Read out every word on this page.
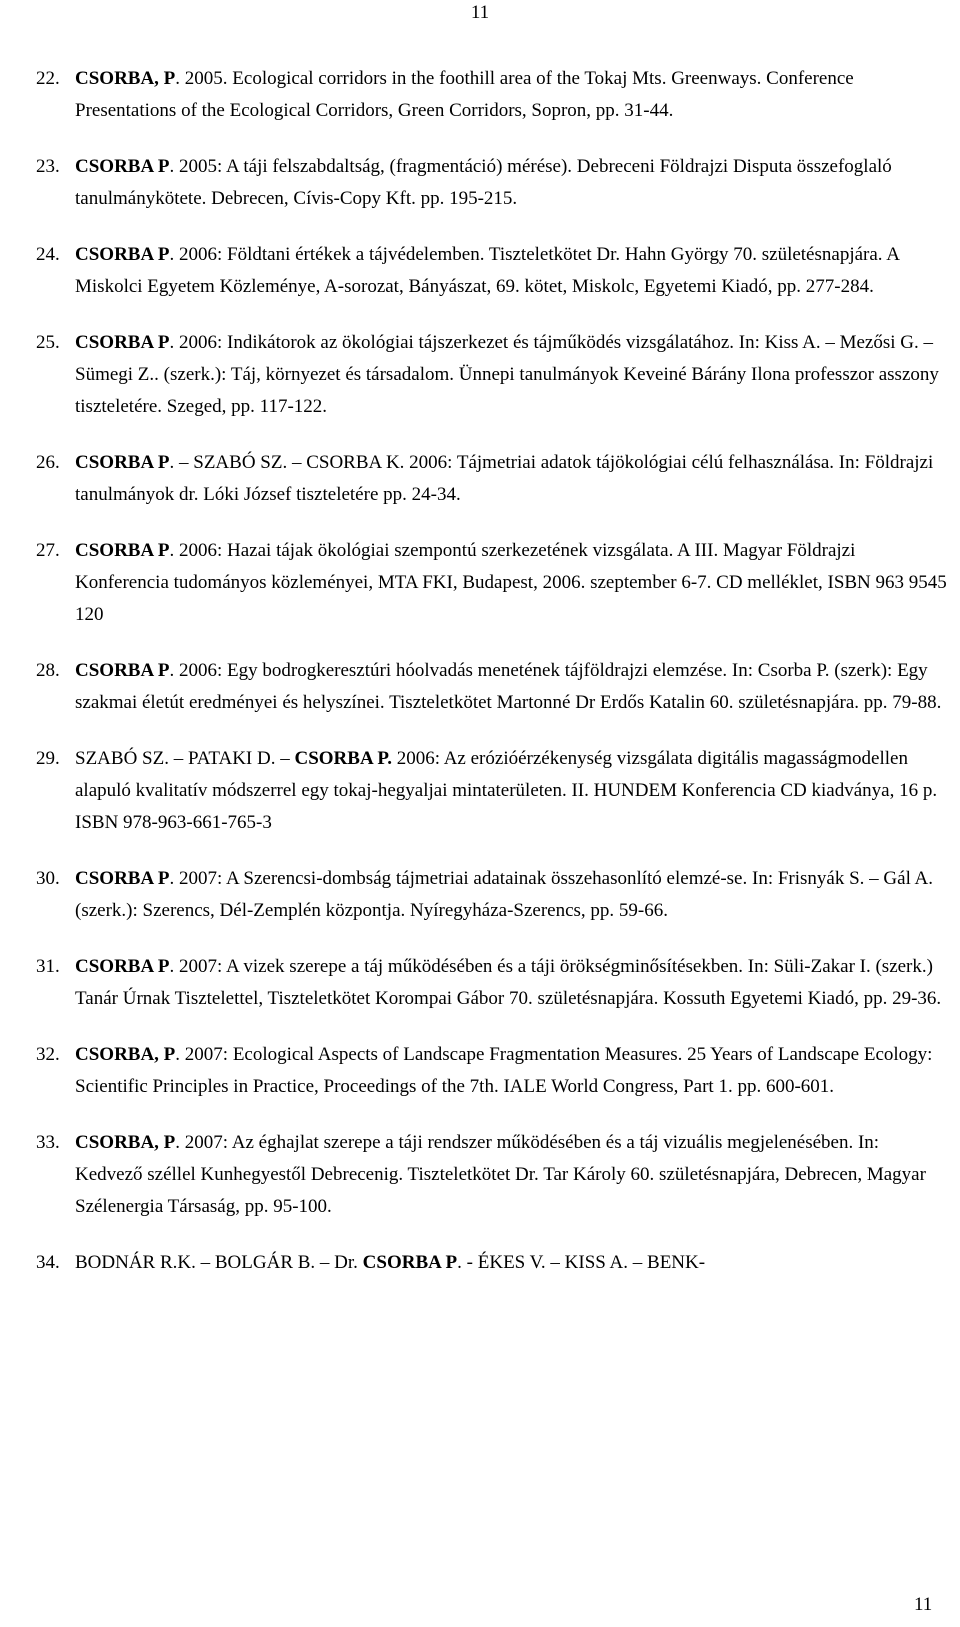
11
22. CSORBA, P. 2005. Ecological corridors in the foothill area of the Tokaj Mts. Greenways. Conference Presentations of the Ecological Corridors, Green Corridors, Sopron, pp. 31-44.
23. CSORBA P. 2005: A táji felszabdaltság, (fragmentáció) mérése). Debreceni Földrajzi Disputa összefoglaló tanulmánykötete. Debrecen, Cívis-Copy Kft. pp. 195-215.
24. CSORBA P. 2006: Földtani értékek a tájvédelemben. Tiszteletkötet Dr. Hahn György 70. születésnapjára. A Miskolci Egyetem Közleménye, A-sorozat, Bányászat, 69. kötet, Miskolc, Egyetemi Kiadó, pp. 277-284.
25. CSORBA P. 2006: Indikátorok az ökológiai tájszerkezet és tájműködés vizsgálatához. In: Kiss A. – Mezősi G. – Sümegi Z.. (szerk.): Táj, környezet és társadalom. Ünnepi tanulmányok Keveiné Bárány Ilona professzor asszony tiszteletére. Szeged, pp. 117-122.
26. CSORBA P. – SZABÓ SZ. – CSORBA K. 2006: Tájmetriai adatok tájökológiai célú felhasználása. In: Földrajzi tanulmányok dr. Lóki József tiszteletére pp. 24-34.
27. CSORBA P. 2006: Hazai tájak ökológiai szempontú szerkezetének vizsgálata. A III. Magyar Földrajzi Konferencia tudományos közleményei, MTA FKI, Budapest, 2006. szeptember 6-7. CD melléklet, ISBN 963 9545 120
28. CSORBA P. 2006: Egy bodrogkeresztúri hóolvadás menetének tájföldrajzi elemzése. In: Csorba P. (szerk): Egy szakmai életút eredményei és helyszínei. Tiszteletkötet Martonné Dr Erdős Katalin 60. születésnapjára. pp. 79-88.
29. SZABÓ SZ. – PATAKI D. – CSORBA P. 2006: Az erózióérzékenység vizsgálata digitális magasságmodellen alapuló kvalitatív módszerrel egy tokaj-hegyaljai mintaterületen. II. HUNDEM Konferencia CD kiadványa, 16 p. ISBN 978-963-661-765-3
30. CSORBA P. 2007: A Szerencsi-dombság tájmetriai adatainak összehasonlító elemzé-se. In: Frisnyák S. – Gál A. (szerk.): Szerencs, Dél-Zemplén központja. Nyíregyháza-Szerencs, pp. 59-66.
31. CSORBA P. 2007: A vizek szerepe a táj működésében és a táji örökségminősítésekben. In: Süli-Zakar I. (szerk.) Tanár Úrnak Tisztelettel, Tiszteletkötet Korompai Gábor 70. születésnapjára. Kossuth Egyetemi Kiadó, pp. 29-36.
32. CSORBA, P. 2007: Ecological Aspects of Landscape Fragmentation Measures. 25 Years of Landscape Ecology: Scientific Principles in Practice, Proceedings of the 7th. IALE World Congress, Part 1. pp. 600-601.
33. CSORBA, P. 2007: Az éghajlat szerepe a táji rendszer működésében és a táj vizuális megjelenésében. In: Kedvező széllel Kunhegyestől Debrecenig. Tiszteletkötet Dr. Tar Károly 60. születésnapjára, Debrecen, Magyar Szélenergia Társaság, pp. 95-100.
34. BODNÁR R.K. – BOLGÁR B. – Dr. CSORBA P. - ÉKES V. – KISS A. – BENK-
11
